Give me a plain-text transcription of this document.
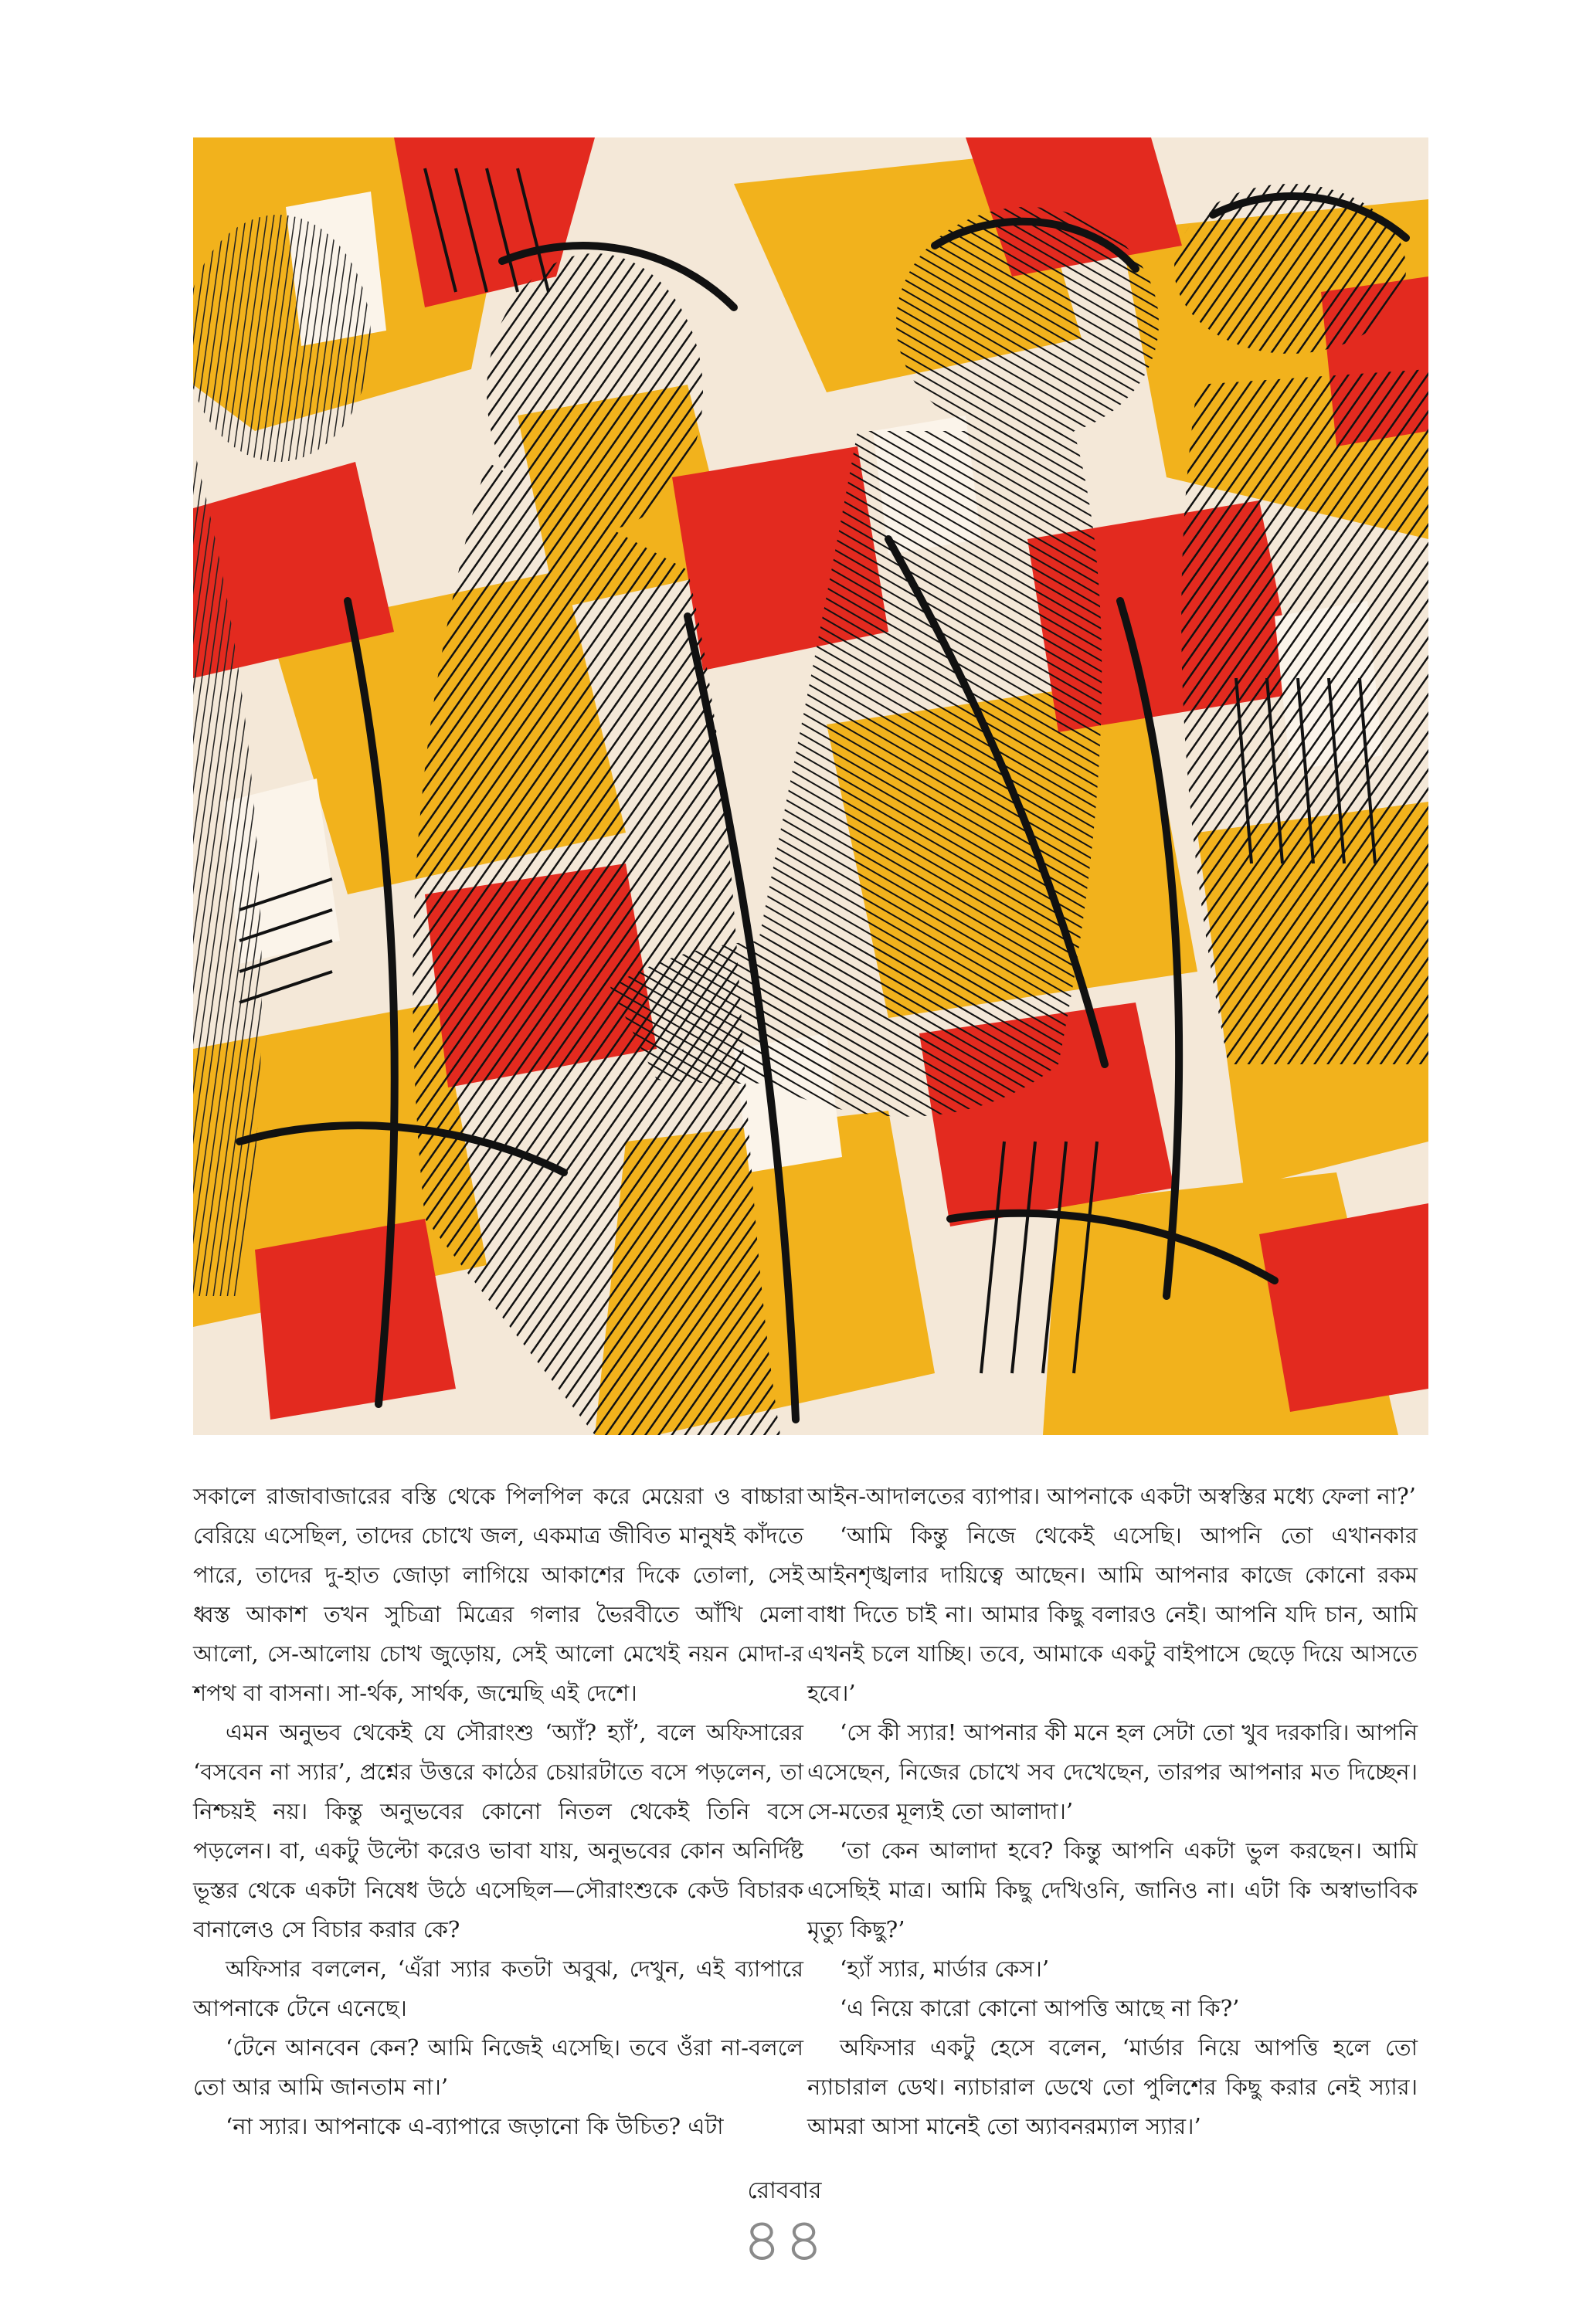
সকালে রাজাবাজারের বস্তি থেকে পিলপিল করে মেয়েরা ও বাচ্চারা বেরিয়ে এসেছিল, তাদের চোখে জল, একমাত্র জীবিত মানুষই কাঁদতে পারে, তাদের দু-হাত জোড়া লাগিয়ে আকাশের দিকে তোলা, সেই ধ্বস্ত আকাশ তখন সুচিত্রা মিত্রের গলার ভৈরবীতে আঁখি মেলা আলো, সে-আলোয় চোখ জুড়োয়, সেই আলো মেখেই নয়ন মোদা-র শপথ বা বাসনা। সা-র্থক, সার্থক, জন্মেছি এই দেশে।

এমন অনুভব থেকেই যে সৌরাংশু ‘অ্যাঁ? হ্যাঁ’, বলে অফিসারের ‘বসবেন না স্যার’, প্রশ্নের উত্তরে কাঠের চেয়ারটাতে বসে পড়লেন, তা নিশ্চয়ই নয়। কিন্তু অনুভবের কোনো নিতল থেকেই তিনি বসে পড়লেন। বা, একটু উল্টো করেও ভাবা যায়, অনুভবের কোন অনির্দিষ্ট ভূস্তর থেকে একটা নিষেধ উঠে এসেছিল—সৌরাংশুকে কেউ বিচারক বানালেও সে বিচার করার কে?

অফিসার বললেন, ‘এঁরা স্যার কতটা অবুঝ, দেখুন, এই ব্যাপারে আপনাকে টেনে এনেছে।

‘টেনে আনবেন কেন? আমি নিজেই এসেছি। তবে ওঁরা না-বললে তো আর আমি জানতাম না।’

‘না স্যার। আপনাকে এ-ব্যাপারে জড়ানো কি উচিত? এটা

আইন-আদালতের ব্যাপার। আপনাকে একটা অস্বস্তির মধ্যে ফেলা না?’

‘আমি কিন্তু নিজে থেকেই এসেছি। আপনি তো এখানকার আইনশৃঙ্খলার দায়িত্বে আছেন। আমি আপনার কাজে কোনো রকম বাধা দিতে চাই না। আমার কিছু বলারও নেই। আপনি যদি চান, আমি এখনই চলে যাচ্ছি। তবে, আমাকে একটু বাইপাসে ছেড়ে দিয়ে আসতে হবে।’

‘সে কী স্যার! আপনার কী মনে হল সেটা তো খুব দরকারি। আপনি এসেছেন, নিজের চোখে সব দেখেছেন, তারপর আপনার মত দিচ্ছেন। সে-মতের মূল্যই তো আলাদা।’

‘তা কেন আলাদা হবে? কিন্তু আপনি একটা ভুল করছেন। আমি এসেছিই মাত্র। আমি কিছু দেখিওনি, জানিও না। এটা কি অস্বাভাবিক মৃত্যু কিছু?’

‘হ্যাঁ স্যার, মার্ডার কেস।’

‘এ নিয়ে কারো কোনো আপত্তি আছে না কি?’

অফিসার একটু হেসে বলেন, ‘মার্ডার নিয়ে আপত্তি হলে তো ন্যাচারাল ডেথ। ন্যাচারাল ডেথে তো পুলিশের কিছু করার নেই স্যার। আমরা আসা মানেই তো অ্যাবনরম্যাল স্যার।’

রোববার
৪৪
